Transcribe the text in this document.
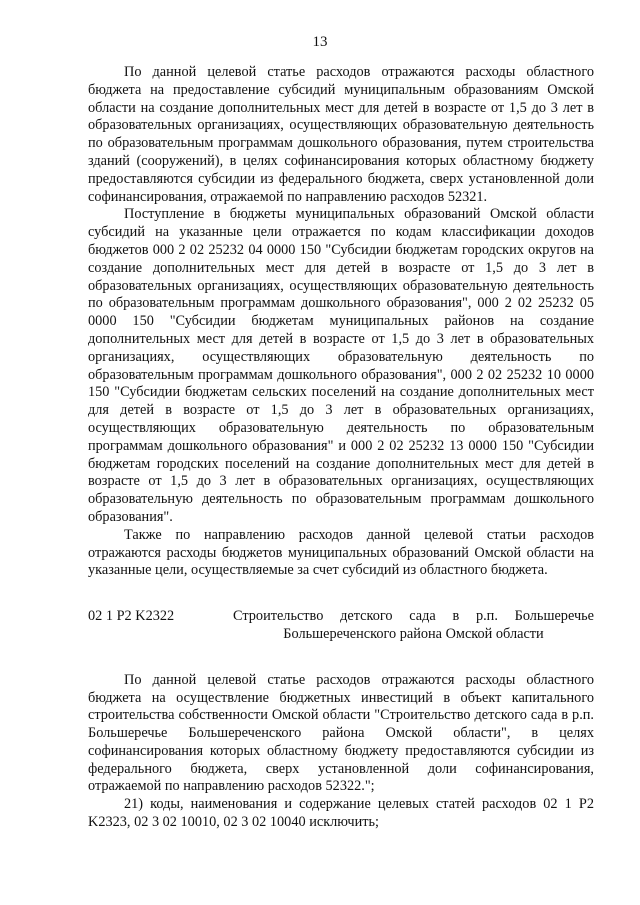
13

По данной целевой статье расходов отражаются расходы областного бюджета на предоставление субсидий муниципальным образованиям Омской области на создание дополнительных мест для детей в возрасте от 1,5 до 3 лет в образовательных организациях, осуществляющих образовательную деятельность по образовательным программам дошкольного образования, путем строительства зданий (сооружений), в целях софинансирования которых областному бюджету предоставляются субсидии из федерального бюджета, сверх установленной доли софинансирования, отражаемой по направлению расходов 52321.

Поступление в бюджеты муниципальных образований Омской области субсидий на указанные цели отражается по кодам классификации доходов бюджетов 000 2 02 25232 04 0000 150 "Субсидии бюджетам городских округов на создание дополнительных мест для детей в возрасте от 1,5 до 3 лет в образовательных организациях, осуществляющих образовательную деятельность по образовательным программам дошкольного образования", 000 2 02 25232 05 0000 150 "Субсидии бюджетам муниципальных районов на создание дополнительных мест для детей в возрасте от 1,5 до 3 лет в образовательных организациях, осуществляющих образовательную деятельность по образовательным программам дошкольного образования", 000 2 02 25232 10 0000 150 "Субсидии бюджетам сельских поселений на создание дополнительных мест для детей в возрасте от 1,5 до 3 лет в образовательных организациях, осуществляющих образовательную деятельность по образовательным программам дошкольного образования" и 000 2 02 25232 13 0000 150 "Субсидии бюджетам городских поселений на создание дополнительных мест для детей в возрасте от 1,5 до 3 лет в образовательных организациях, осуществляющих образовательную деятельность по образовательным программам дошкольного образования".

Также по направлению расходов данной целевой статьи расходов отражаются расходы бюджетов муниципальных образований Омской области на указанные цели, осуществляемые за счет субсидий из областного бюджета.

02 1 P2 K2322	Строительство детского сада в р.п. Большеречье Большереченского района Омской области

По данной целевой статье расходов отражаются расходы областного бюджета на осуществление бюджетных инвестиций в объект капитального строительства собственности Омской области "Строительство детского сада в р.п. Большеречье Большереченского района Омской области", в целях софинансирования которых областному бюджету предоставляются субсидии из федерального бюджета, сверх установленной доли софинансирования, отражаемой по направлению расходов 52322.";

21) коды, наименования и содержание целевых статей расходов 02 1 P2 K2323, 02 3 02 10010, 02 3 02 10040 исключить;
